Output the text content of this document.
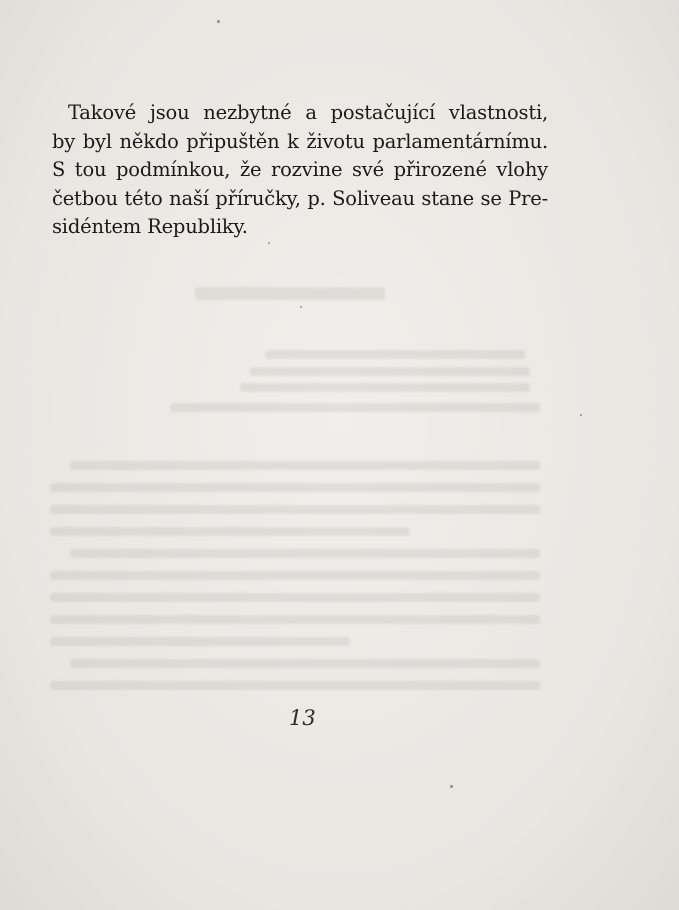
Takové jsou nezbytné a postačující vlastnosti,
by byl někdo připuštěn k životu parlamentárnímu.
S tou podmínkou, že rozvine své přirozené vlohy
četbou této naší příručky, p. Soliveau stane se Pre-
sidéntem Republiky.
13
